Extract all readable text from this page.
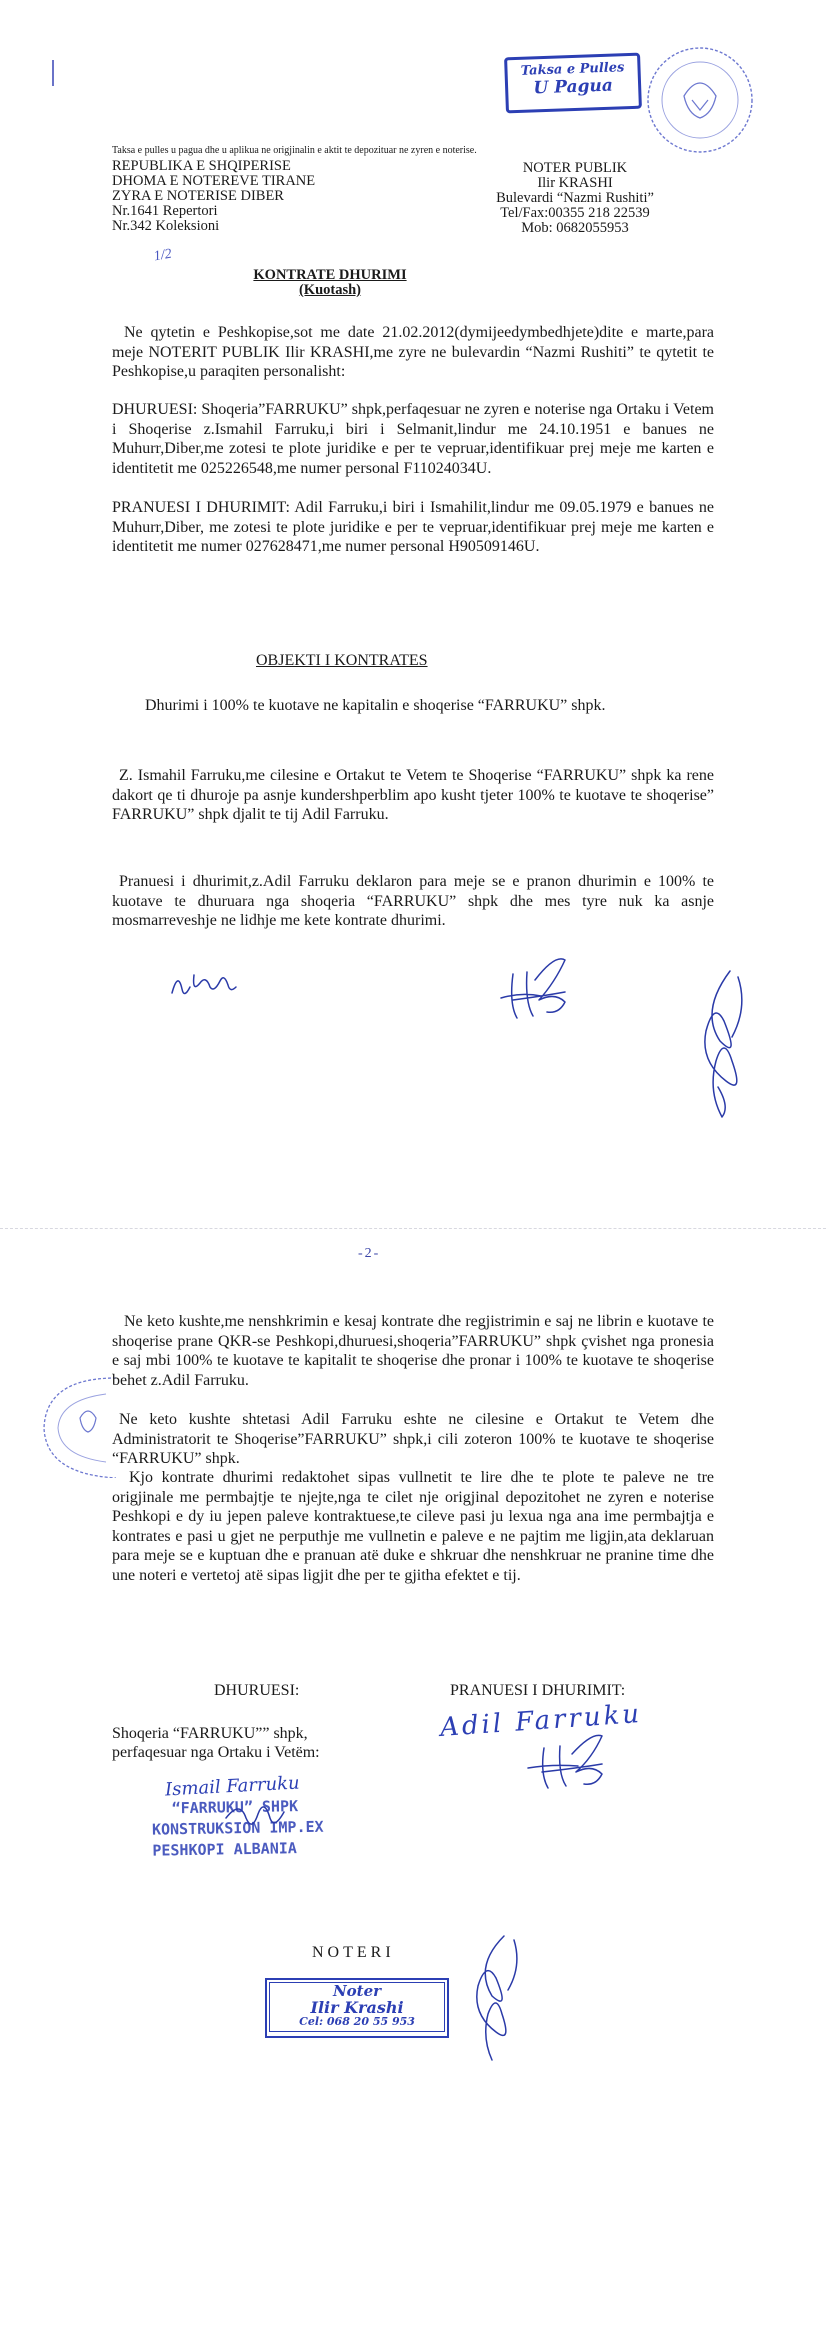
Taksa e Pulles
U Pagua
Taksa e pulles u pagua dhe u aplikua ne origjinalin e aktit te depozituar ne zyren e noterise.
REPUBLIKA E SHQIPERISE
DHOMA E NOTEREVE TIRANE
ZYRA E NOTERISE DIBER
Nr.1641 Repertori
Nr.342 Koleksioni
1/2
NOTER PUBLIK
Ilir KRASHI
Bulevardi “Nazmi Rushiti”
Tel/Fax:00355 218 22539
Mob: 0682055953
KONTRATE DHURIMI
(Kuotash)
Ne qytetin e Peshkopise,sot me date 21.02.2012(dymijeedymbedhjete)dite e marte,para meje NOTERIT PUBLIK Ilir KRASHI,me zyre ne bulevardin “Nazmi Rushiti” te qytetit te Peshkopise,u paraqiten personalisht:
DHURUESI: Shoqeria”FARRUKU” shpk,perfaqesuar ne zyren e noterise nga Ortaku i Vetem i Shoqerise z.Ismahil Farruku,i biri i Selmanit,lindur me 24.10.1951 e banues ne Muhurr,Diber,me zotesi te plote juridike e per te vepruar,identifikuar prej meje me karten e identitetit me 025226548,me numer personal F11024034U.
PRANUESI I DHURIMIT: Adil Farruku,i biri i Ismahilit,lindur me 09.05.1979 e banues ne Muhurr,Diber, me zotesi te plote juridike e per te vepruar,identifikuar prej meje me karten e identitetit me numer 027628471,me numer personal H90509146U.
OBJEKTI I KONTRATES
Dhurimi i 100% te kuotave ne kapitalin e shoqerise “FARRUKU” shpk.
Z. Ismahil Farruku,me cilesine e Ortakut te Vetem te Shoqerise “FARRUKU” shpk ka rene dakort qe ti dhuroje pa asnje kundershperblim apo kusht tjeter 100% te kuotave te shoqerise” FARRUKU” shpk djalit te tij Adil Farruku.
Pranuesi i dhurimit,z.Adil Farruku deklaron para meje se e pranon dhurimin e 100% te kuotave te dhuruara nga shoqeria “FARRUKU” shpk dhe mes tyre nuk ka asnje mosmarreveshje ne lidhje me kete kontrate dhurimi.
-2-
Ne keto kushte,me nenshkrimin e kesaj kontrate dhe regjistrimin e saj ne librin e kuotave te shoqerise prane QKR-se Peshkopi,dhuruesi,shoqeria”FARRUKU” shpk çvishet nga pronesia e saj mbi 100% te kuotave te kapitalit te shoqerise dhe pronar i 100% te kuotave te shoqerise behet z.Adil Farruku.
Ne keto kushte shtetasi Adil Farruku eshte ne cilesine e Ortakut te Vetem dhe Administratorit te Shoqerise”FARRUKU” shpk,i cili zoteron 100% te kuotave te shoqerise “FARRUKU” shpk.
Kjo kontrate dhurimi redaktohet sipas vullnetit te lire dhe te plote te paleve ne tre origjinale me permbajtje te njejte,nga te cilet nje origjinal depozitohet ne zyren e noterise Peshkopi e dy iu jepen paleve kontraktuese,te cileve pasi ju lexua nga ana ime permbajtja e kontrates e pasi u gjet ne perputhje me vullnetin e paleve e ne pajtim me ligjin,ata deklaruan para meje se e kuptuan dhe e pranuan atë duke e shkruar dhe nenshkruar ne pranine time dhe une noteri e vertetoj atë sipas ligjit dhe per te gjitha efektet e tij.
DHURUESI:	PRANUESI I DHURIMIT:
Shoqeria “FARRUKU”” shpk,
perfaqesuar nga Ortaku i Vetëm:
Ismail Farruku
Adil Farruku
“FARRUKU” SHPK
KONSTRUKSION IMP.EX
PESHKOPI ALBANIA
NOTERI
Noter
Ilir Krashi
Cel: 068 20 55 953
